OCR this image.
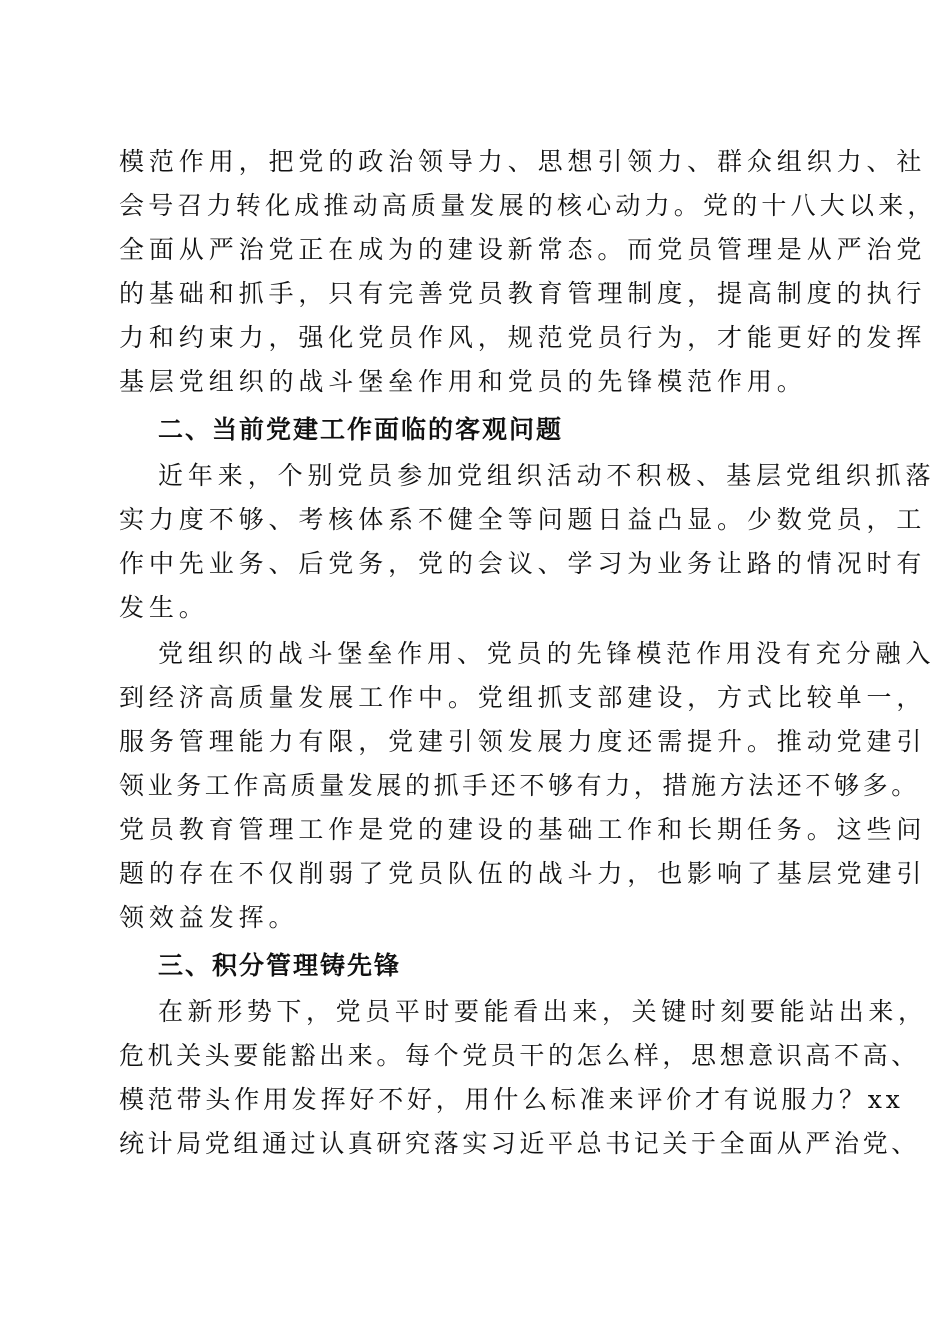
模范作用，把党的政治领导力、思想引领力、群众组织力、社
会号召力转化成推动高质量发展的核心动力。党的十八大以来，
全面从严治党正在成为的建设新常态。而党员管理是从严治党
的基础和抓手，只有完善党员教育管理制度，提高制度的执行
力和约束力，强化党员作风，规范党员行为，才能更好的发挥
基层党组织的战斗堡垒作用和党员的先锋模范作用。
二、当前党建工作面临的客观问题
近年来，个别党员参加党组织活动不积极、基层党组织抓落
实力度不够、考核体系不健全等问题日益凸显。少数党员，工
作中先业务、后党务，党的会议、学习为业务让路的情况时有
发生。
党组织的战斗堡垒作用、党员的先锋模范作用没有充分融入
到经济高质量发展工作中。党组抓支部建设，方式比较单一，
服务管理能力有限，党建引领发展力度还需提升。推动党建引
领业务工作高质量发展的抓手还不够有力，措施方法还不够多。
党员教育管理工作是党的建设的基础工作和长期任务。这些问
题的存在不仅削弱了党员队伍的战斗力，也影响了基层党建引
领效益发挥。
三、积分管理铸先锋
在新形势下，党员平时要能看出来，关键时刻要能站出来，
危机关头要能豁出来。每个党员干的怎么样，思想意识高不高、
模范带头作用发挥好不好，用什么标准来评价才有说服力？xx
统计局党组通过认真研究落实习近平总书记关于全面从严治党、
